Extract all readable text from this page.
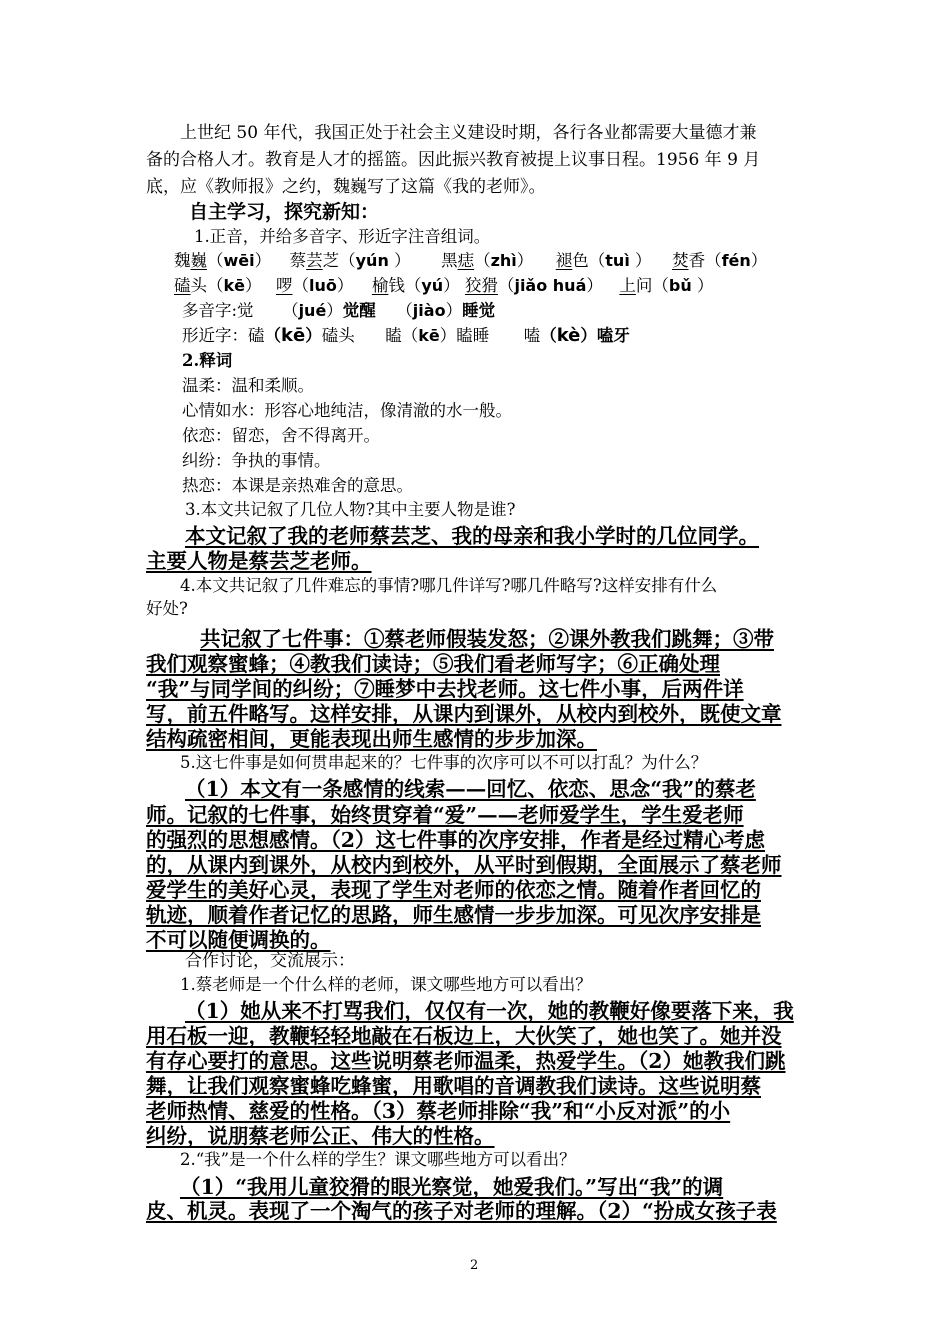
上世纪 50 年代，我国正处于社会主义建设时期，各行各业都需要大量德才兼
备的合格人才。教育是人才的摇篮。因此振兴教育被提上议事日程。1956 年 9 月
底，应《教师报》之约，魏巍写了这篇《我的老师》。
自主学习，探究新知：
1.正音，并给多音字、形近字注音组词。
魏巍（wēi） 蔡芸芝（yún ） 黑痣（zhì） 褪色（tuì ） 焚香（fén）
磕头（kē） 啰（luō） 榆钱（yú） 狡猾（jiǎo huá） 上问（bǔ ）
多音字:觉 （jué）觉醒 （jiào）睡觉
形近字：磕（kē）磕头 瞌（kē）瞌睡 嗑（kè）嗑牙
2.释词
温柔：温和柔顺。
心情如水：形容心地纯洁，像清澈的水一般。
依恋：留恋，舍不得离开。
纠纷：争执的事情。
热恋：本课是亲热难舍的意思。
3.本文共记叙了几位人物?其中主要人物是谁?
本文记叙了我的老师蔡芸芝、我的母亲和我小学时的几位同学。
主要人物是蔡芸芝老师。
4.本文共记叙了几件难忘的事情?哪几件详写?哪几件略写?这样安排有什么
好处?
共记叙了七件事：①蔡老师假装发怒；②课外教我们跳舞；③带
我们观察蜜蜂；④教我们读诗；⑤我们看老师写字；⑥正确处理
“我”与同学间的纠纷；⑦睡梦中去找老师。这七件小事，后两件详
写，前五件略写。这样安排，从课内到课外，从校内到校外，既使文章
结构疏密相间，更能表现出师生感情的步步加深。
5.这七件事是如何贯串起来的？七件事的次序可以不可以打乱？为什么？
（1）本文有一条感情的线索——回忆、依恋、思念“我”的蔡老
师。记叙的七件事，始终贯穿着“爱”——老师爱学生，学生爱老师
的强烈的思想感情。（2）这七件事的次序安排，作者是经过精心考虑
的，从课内到课外，从校内到校外，从平时到假期，全面展示了蔡老师
爱学生的美好心灵，表现了学生对老师的依恋之情。随着作者回忆的
轨迹，顺着作者记忆的思路，师生感情一步步加深。可见次序安排是
不可以随便调换的。
合作讨论，交流展示：
1.蔡老师是一个什么样的老师，课文哪些地方可以看出？
（1）她从来不打骂我们，仅仅有一次，她的教鞭好像要落下来，我
用石板一迎，教鞭轻轻地敲在石板边上，大伙笑了，她也笑了。她并没
有存心要打的意思。这些说明蔡老师温柔，热爱学生。（2）她教我们跳
舞，让我们观察蜜蜂吃蜂蜜，用歌唱的音调教我们读诗。这些说明蔡
老师热情、慈爱的性格。（3）蔡老师排除“我”和“小反对派”的小
纠纷，说朋蔡老师公正、伟大的性格。
2.“我”是一个什么样的学生？课文哪些地方可以看出？
（1）“我用儿童狡猾的眼光察觉，她爱我们。”写出“我”的调
皮、机灵。表现了一个淘气的孩子对老师的理解。（2）“扮成女孩子表
2
